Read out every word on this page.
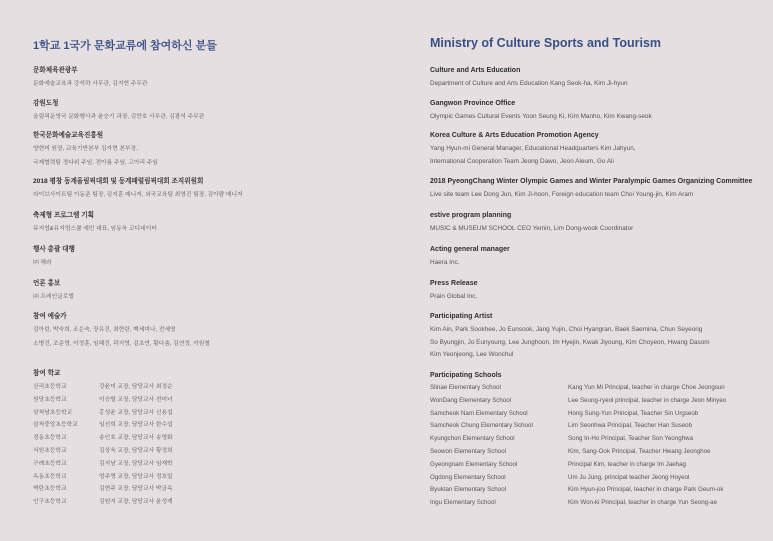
1학교 1국가 문화교류에 참여하신 분들
문화체육관광부
문화예술교육과 강석하 사무관, 김지현 주무관
강원도청
올림픽운영국 문화행사과 윤승기 과장, 김만호 사무관, 김광석 주무관
한국문화예술교육진흥원
양현미 원장, 교육기반본부 김자현 본부장,
국제협력팀 정다위 주임, 전아름 주임, 고아리 주임
2018 평창 동계올림픽대회 및 동계패럴림픽대회 조직위원회
라이브사이트팀 이동준 팀장, 김지훈 매니저, 외국교육팀 최영진 팀장, 김아람 매니저
축제형 프로그램 기획
뮤지엄&뮤지엄스쿨 예민 대표, 임동욱 코디네이터
행사 총괄 대행
㈜ 해라
언론 홍보
㈜ 프레인글로벌
참여 예술가
김아린, 박숙희, 조은숙, 장유진, 최현란, 백세미나, 전세영
소병진, 조준영, 이정훈, 임혜진, 곽지영, 김초연, 황다솜, 김연정, 이원철
참여 학교
신리초등학교	강윤미 교장, 담당교사 최정순
원당초등학교	이승렬 교장, 담당교사 전미녀
삼척남초등학교	홍성윤 교장, 담당교사 신용섭
삼척중앙초등학교	임선희 교장, 담당교사 한수섭
경동초등학교	송인호 교장, 담당교사 송영화
서원초등학교	김상욱 교장, 담당교사 황정희
구례초등학교	김지남 교장, 담당교사 임재학
옥동초등학교	엄주영 교장, 담당교사 정호일
벽탄초등학교	김현주 교장, 담당교사 박금옥
인구초등학교	김원지 교장, 담당교사 윤성계
Ministry of Culture Sports and Tourism
Culture and Arts Education
Department of Culture and Arts Education Kang Seok-ha, Kim Ji-hyun
Gangwon Province Office
Olympic Games Cultural Events Yoon Seung Ki, Kim Manho, Kim Kwang-seok
Korea Culture & Arts Education Promotion Agency
Yang Hyun-mi General Manager, Educational Headquarters Kim Jahyun,
International Cooperation Team Jeong Dawo, Jeon Aleum, Go Ali
2018 PyeongChang Winter Olympic Games and Winter Paralympic Games Organizing Committee
Live site team Lee Dong Jun, Kim Ji-hoon, Foreign education team Choi Young-jin, Kim Aram
estive program planning
MUSIC & MUSEUM SCHOOL CEO Yemin, Lim Dong-wook Coordinator
Acting general manager
Haera Inc.
Press Release
Prain Global Inc.
Participating Artist
Kim Ain, Park Sookhee, Jo Eunsook, Jang Yujin, Choi Hyangran, Baek Saemina, Chun Seyeong
So Byungjin, Jo Eunyoung, Lee Junghoon, Im Hyejin, Kwak Jiyoung, Kim Choyeon, Hwang Dasom
Kim Yeonjeong, Lee Wonchul
Participating Schools
Slinae Elementary School	Kang Yun Mi Principal, teacher in charge Choe Jeongsun
WonDang Elementary School	Lee Seung-ryeol principal, teacher in charge Jeon Minyeo
Samcheok Nam Elementary School	Hong Sung-Yun Principal, Teacher Sin Urgseob
Samcheok Chung Elementary School	Lim Seonhwa Principal, Teacher Han Suseob
Kyungchon Elementary School	Song In-Ho Principal, Teacher Son Yeonghwa
Seowon Elementary School	Kim, Sang-Ook Principal, Teacher Hwang Jeonghoe
Gyeongnam Elementary School	Principal Kim, teacher in charge Im Jaehag
Ogdong Elementary School	Um Ju Jung, principal teacher Jeong Hoyeol
Byuktan Elementary School	Kim Hyun-joo Principal, teacher in charge Park Geum-ok
Ingu Elementary School	Kim Won-ki Principal, teacher in charge Yun Seong-ae
